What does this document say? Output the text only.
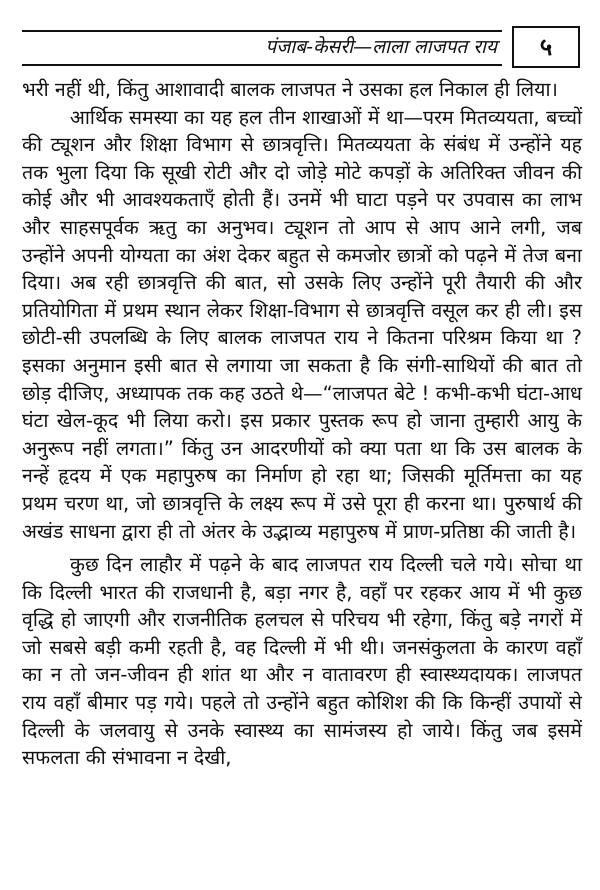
पंजाब-केसरी—लाला लाजपत राय	५

भरी नहीं थी, किंतु आशावादी बालक लाजपत ने उसका हल निकाल ही लिया।

आर्थिक समस्या का यह हल तीन शाखाओं में था—परम मितव्ययता, बच्चों की ट्यूशन और शिक्षा विभाग से छात्रवृत्ति। मितव्ययता के संबंध में उन्होंने यह तक भुला दिया कि सूखी रोटी और दो जोड़े मोटे कपड़ों के अतिरिक्त जीवन की कोई और भी आवश्यकताएँ होती हैं। उनमें भी घाटा पड़ने पर उपवास का लाभ और साहसपूर्वक ऋतु का अनुभव। ट्यूशन तो आप से आप आने लगी, जब उन्होंने अपनी योग्यता का अंश देकर बहुत से कमजोर छात्रों को पढ़ने में तेज बना दिया। अब रही छात्रवृत्ति की बात, सो उसके लिए उन्होंने पूरी तैयारी की और प्रतियोगिता में प्रथम स्थान लेकर शिक्षा-विभाग से छात्रवृत्ति वसूल कर ही ली। इस छोटी-सी उपलब्धि के लिए बालक लाजपत राय ने कितना परिश्रम किया था ? इसका अनुमान इसी बात से लगाया जा सकता है कि संगी-साथियों की बात तो छोड़ दीजिए, अध्यापक तक कह उठते थे—“लाजपत बेटे ! कभी-कभी घंटा-आध घंटा खेल-कूद भी लिया करो। इस प्रकार पुस्तक रूप हो जाना तुम्हारी आयु के अनुरूप नहीं लगता।” किंतु उन आदरणीयों को क्या पता था कि उस बालक के नन्हें हृदय में एक महापुरुष का निर्माण हो रहा था; जिसकी मूर्तिमत्ता का यह प्रथम चरण था, जो छात्रवृत्ति के लक्ष्य रूप में उसे पूरा ही करना था। पुरुषार्थ की अखंड साधना द्वारा ही तो अंतर के उद्भाव्य महापुरुष में प्राण-प्रतिष्ठा की जाती है।

कुछ दिन लाहौर में पढ़ने के बाद लाजपत राय दिल्ली चले गये। सोचा था कि दिल्ली भारत की राजधानी है, बड़ा नगर है, वहाँ पर रहकर आय में भी कुछ वृद्धि हो जाएगी और राजनीतिक हलचल से परिचय भी रहेगा, किंतु बड़े नगरों में जो सबसे बड़ी कमी रहती है, वह दिल्ली में भी थी। जनसंकुलता के कारण वहाँ का न तो जन-जीवन ही शांत था और न वातावरण ही स्वास्थ्यदायक। लाजपत राय वहाँ बीमार पड़ गये। पहले तो उन्होंने बहुत कोशिश की कि किन्हीं उपायों से दिल्ली के जलवायु से उनके स्वास्थ्य का सामंजस्य हो जाये। किंतु जब इसमें सफलता की संभावना न देखी,
